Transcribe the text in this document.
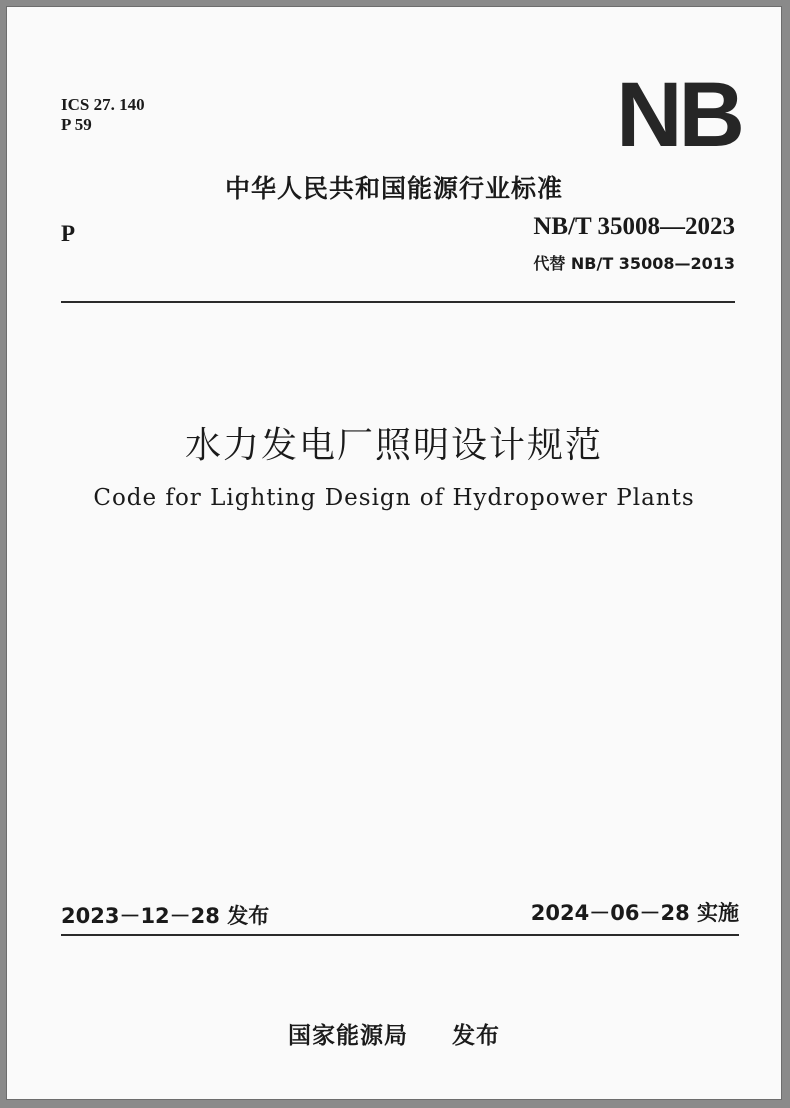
ICS 27. 140
P 59	NB
中华人民共和国能源行业标准
P	NB/T 35008—2023
代替 NB/T 35008—2013
水力发电厂照明设计规范
Code for Lighting Design of Hydropower Plants
2023－12－28 发布	2024－06－28 实施
国家能源局 发布
